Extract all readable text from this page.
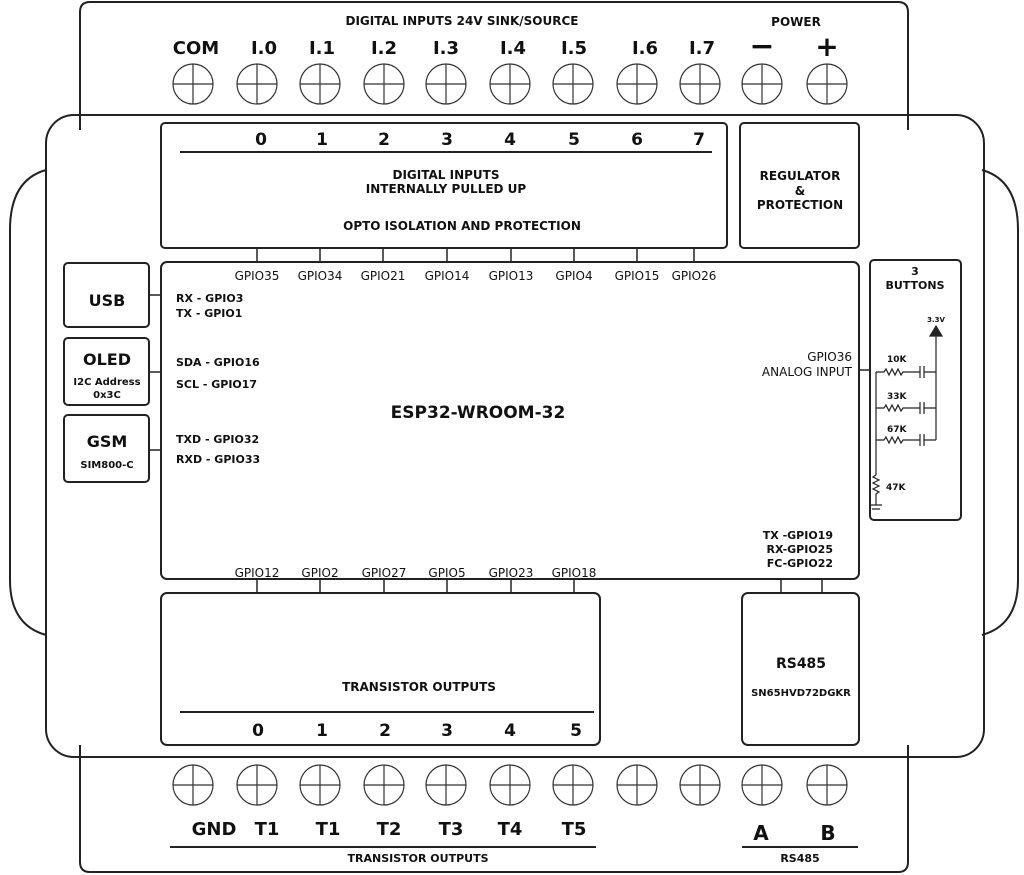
DIGITAL INPUTS 24V SINK/SOURCE
COM I.0 I.1 I.2 I.3 I.4 I.5 I.6 I.7
POWER
− +
0	1	2	3	4	5	6	7
DIGITAL INPUTS
INTERNALLY PULLED UP
OPTO ISOLATION AND PROTECTION
REGULATOR
&
PROTECTION
GPIO35 GPIO34 GPIO21 GPIO14 GPIO13 GPIO4 GPIO15 GPIO26
GPIO12 GPIO2 GPIO27 GPIO5 GPIO23 GPIO18
ESP32-WROOM-32
RX - GPIO3
TX - GPIO1
SDA - GPIO16
SCL - GPIO17
TXD - GPIO32
RXD - GPIO33
GPIO36
ANALOG INPUT
TX -GPIO19
RX-GPIO25
FC-GPIO22
USB
OLED
I2C Address
0x3C
GSM
SIM800-C
3
BUTTONS
3.3V
10K
33K
67K
47K
TRANSISTOR OUTPUTS
0	1	2	3	4	5
RS485
SN65HVD72DGKR
GND T1 T1 T2 T3 T4 T5	A	B
TRANSISTOR OUTPUTS	RS485
